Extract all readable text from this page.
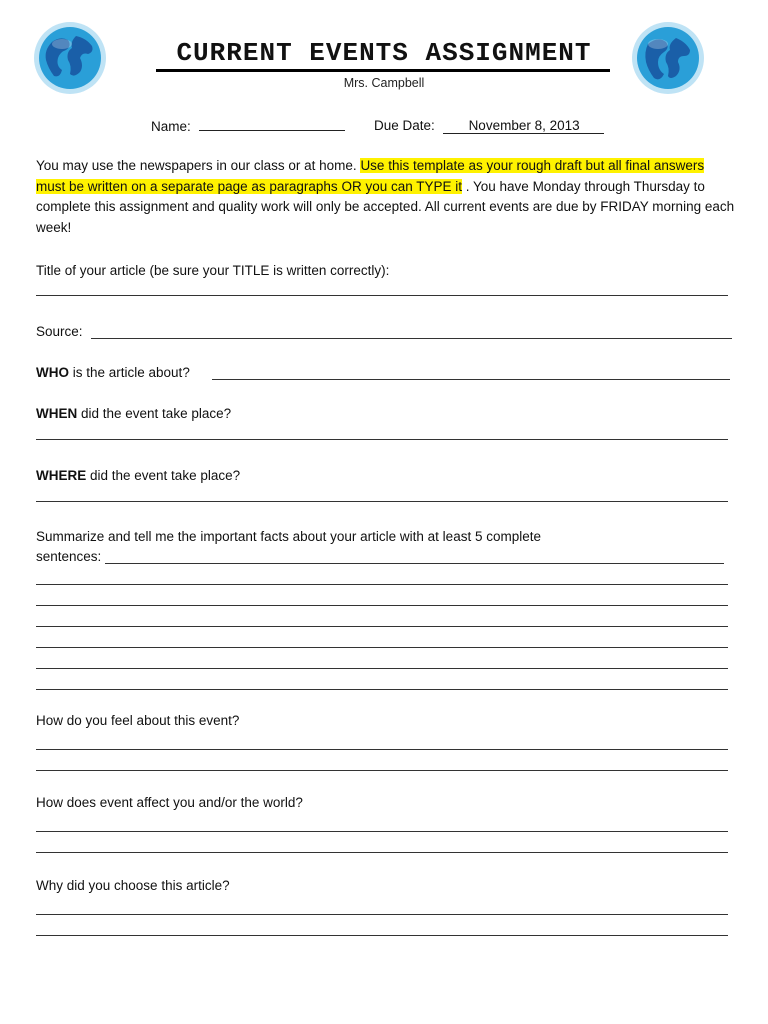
CURRENT EVENTS ASSIGNMENT
Mrs. Campbell
Name:	Due Date:	November 8, 2013
You may use the newspapers in our class or at home. Use this template as your rough draft but all final answers must be written on a separate page as paragraphs OR you can TYPE it . You have Monday through Thursday to complete this assignment and quality work will only be accepted. All current events are due by FRIDAY morning each week!
Title of your article (be sure your TITLE is written correctly):
Source:
WHO is the article about?
WHEN did the event take place?
WHERE did the event take place?
Summarize and tell me the important facts about your article with at least 5 complete
sentences:
How do you feel about this event?
How does event affect you and/or the world?
Why did you choose this article?
